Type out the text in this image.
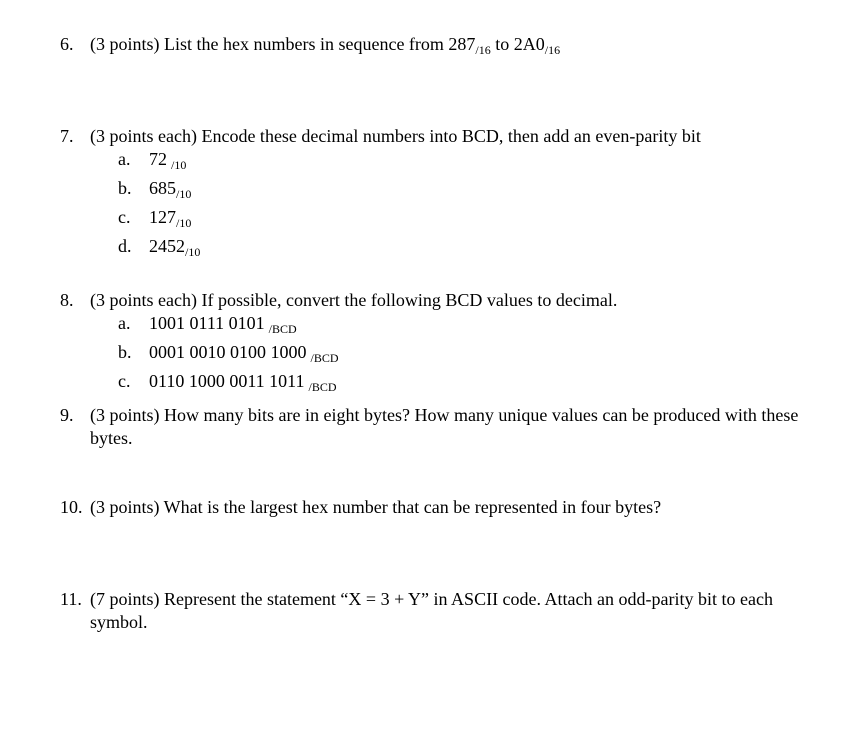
6. (3 points) List the hex numbers in sequence from $287_{/16}$ to $2A0_{/16}$
7. (3 points each) Encode these decimal numbers into BCD, then add an even-parity bit
a.	72 $_{/10}$
b. $685_{/10}$
c.	$127_{/10}$
d. $2452_{/10}$
8. (3 points each) If possible, convert the following BCD values to decimal.
a.	1001 0111 0101 $_{/BCD}$
b. 0001 0010 0100 1000 $_{/BCD}$
c.	0110 1000 0011 1011 $_{/BCD}$
9. (3 points) How many bits are in eight bytes? How many unique values can be produced with these bytes.
10. (3 points) What is the largest hex number that can be represented in four bytes?
11. (7 points) Represent the statement “X = 3 + Y” in ASCII code. Attach an odd-parity bit to each symbol.
